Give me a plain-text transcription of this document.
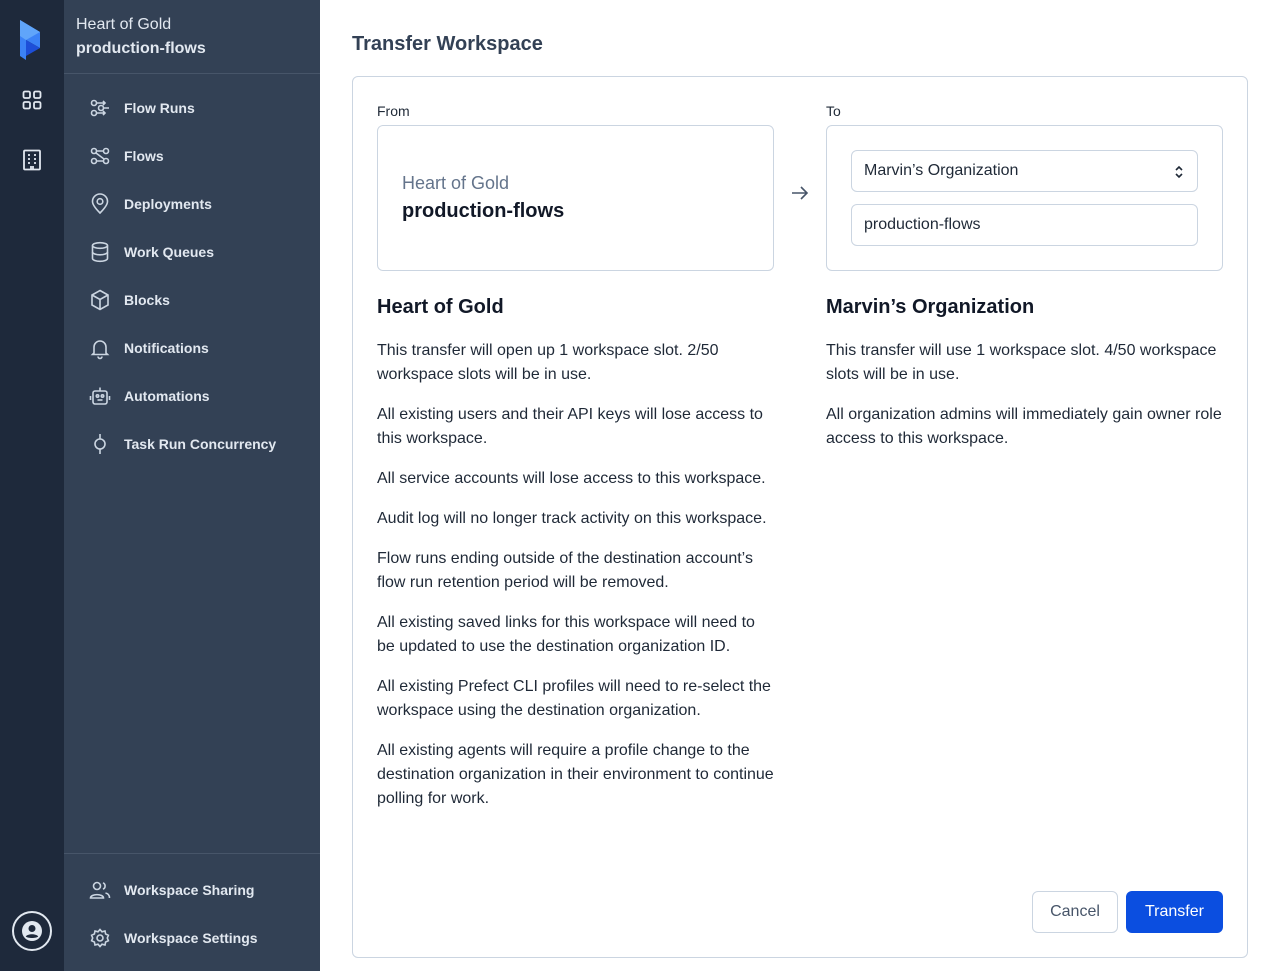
Heart of Gold
production-flows
Flow Runs
Flows
Deployments
Work Queues
Blocks
Notifications
Automations
Task Run Concurrency
Workspace Sharing
Workspace Settings
Transfer Workspace
From
Heart of Gold
production-flows
To
Marvin’s Organization
production-flows
Heart of Gold

This transfer will open up 1 workspace slot. 2/50 workspace slots will be in use.

All existing users and their API keys will lose access to this workspace.

All service accounts will lose access to this workspace.

Audit log will no longer track activity on this workspace.

Flow runs ending outside of the destination account’s flow run retention period will be removed.

All existing saved links for this workspace will need to be updated to use the destination organization ID.

All existing Prefect CLI profiles will need to re-select the workspace using the destination organization.

All existing agents will require a profile change to the destination organization in their environment to continue polling for work.

Marvin’s Organization

This transfer will use 1 workspace slot. 4/50 workspace slots will be in use.

All organization admins will immediately gain owner role access to this workspace.

Cancel	Transfer
